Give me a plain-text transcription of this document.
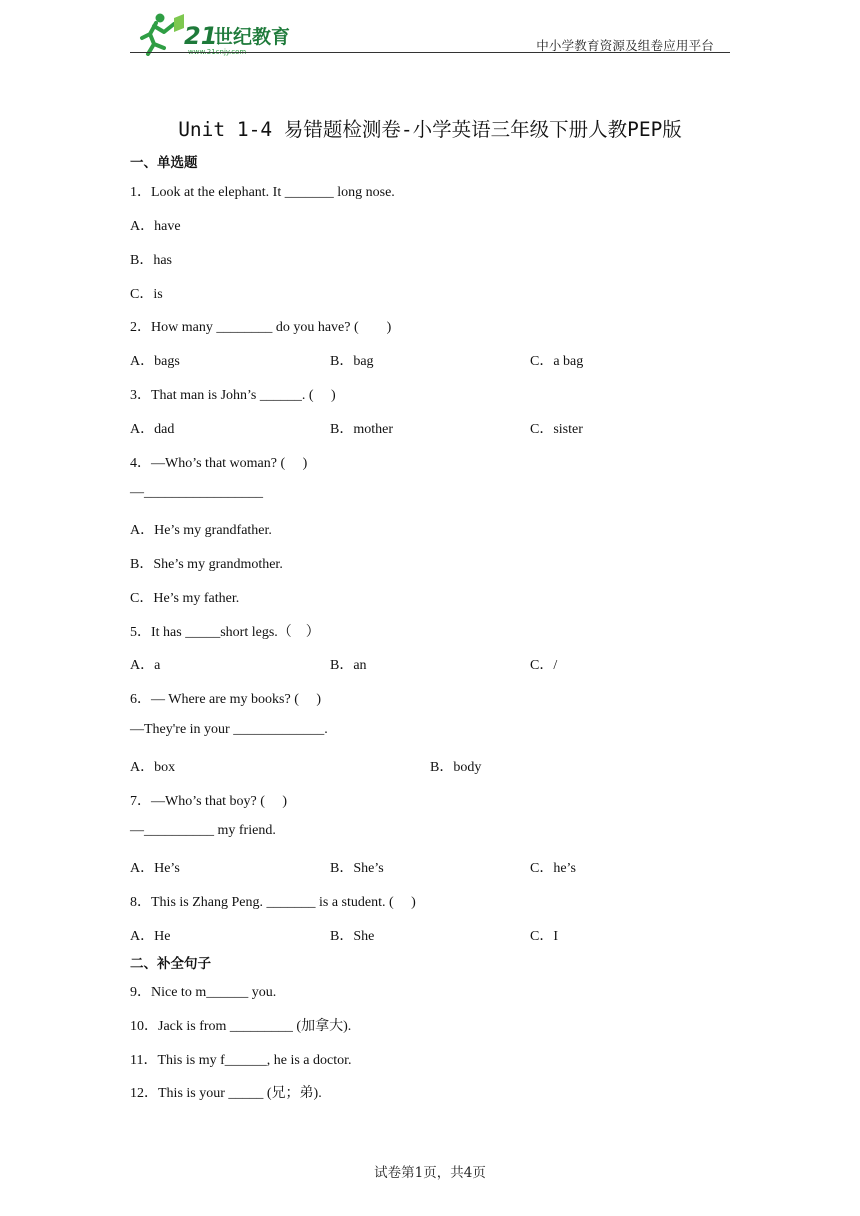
21
世纪教育
www.21cnjy.com	中小学教育资源及组卷应用平台
Unit 1-4 易错题检测卷-小学英语三年级下册人教PEP版
一、单选题
1．Look at the elephant. It _______ long nose.
A．have
B．has
C．is
2．How many ________ do you have? (　　)
A．bags	B．bag	C．a bag
3．That man is John’s ______. (　 )
A．dad	B．mother	C．sister
4．—Who’s that woman? (　 )
—_________________
A．He’s my grandfather.
B．She’s my grandmother.
C．He’s my father.
5．It has _____short legs.（　）
A．a	B．an	C．/
6．— Where are my books? (　 )
—They're in your _____________.
A．box	B．body
7．—Who’s that boy? (　 )
—__________ my friend.
A．He’s	B．She’s	C．he’s
8．This is Zhang Peng. _______ is a student. (　 )
A．He	B．She	C．I
二、补全句子
9．Nice to m______ you.
10．Jack is from _________ (加拿大).
11．This is my f______, he is a doctor.
12．This is your _____ (兄；弟).
试卷第1页，共4页
